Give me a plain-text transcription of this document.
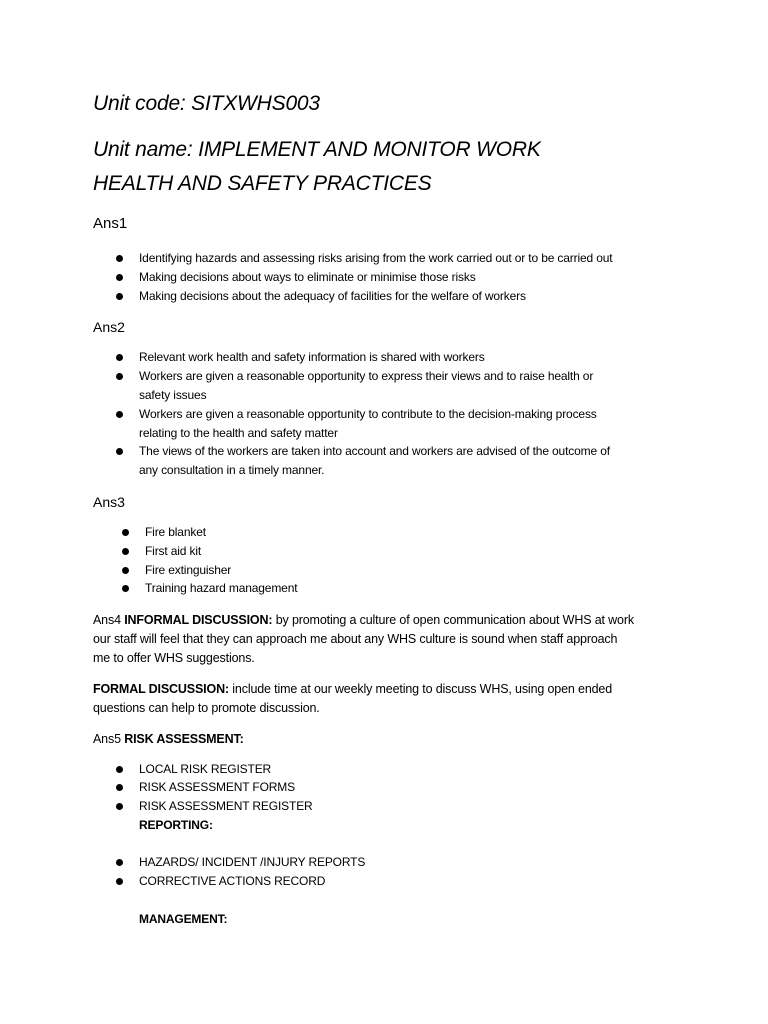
Unit code: SITXWHS003
Unit name: IMPLEMENT AND MONITOR WORK
HEALTH AND SAFETY PRACTICES
Ans1
Identifying hazards and assessing risks arising from the work carried out or to be carried out
Making decisions about ways to eliminate or minimise those risks
Making decisions about the adequacy of facilities for the welfare of workers
Ans2
Relevant work health and safety information is shared with workers
Workers are given a reasonable opportunity to express their views and to raise health or
safety issues
Workers are given a reasonable opportunity to contribute to the decision-making process
relating to the health and safety matter
The views of the workers are taken into account and workers are advised of the outcome of
any consultation in a timely manner.
Ans3
Fire blanket
First aid kit
Fire extinguisher
Training hazard management
Ans4 INFORMAL DISCUSSION: by promoting a culture of open communication about WHS at work
our staff will feel that they can approach me about any WHS culture is sound when staff approach
me to offer WHS suggestions.
FORMAL DISCUSSION: include time at our weekly meeting to discuss WHS, using open ended
questions can help to promote discussion.
Ans5 RISK ASSESSMENT:
LOCAL RISK REGISTER
RISK ASSESSMENT FORMS
RISK ASSESSMENT REGISTER
REPORTING:
HAZARDS/ INCIDENT /INJURY REPORTS
CORRECTIVE ACTIONS RECORD
MANAGEMENT:
